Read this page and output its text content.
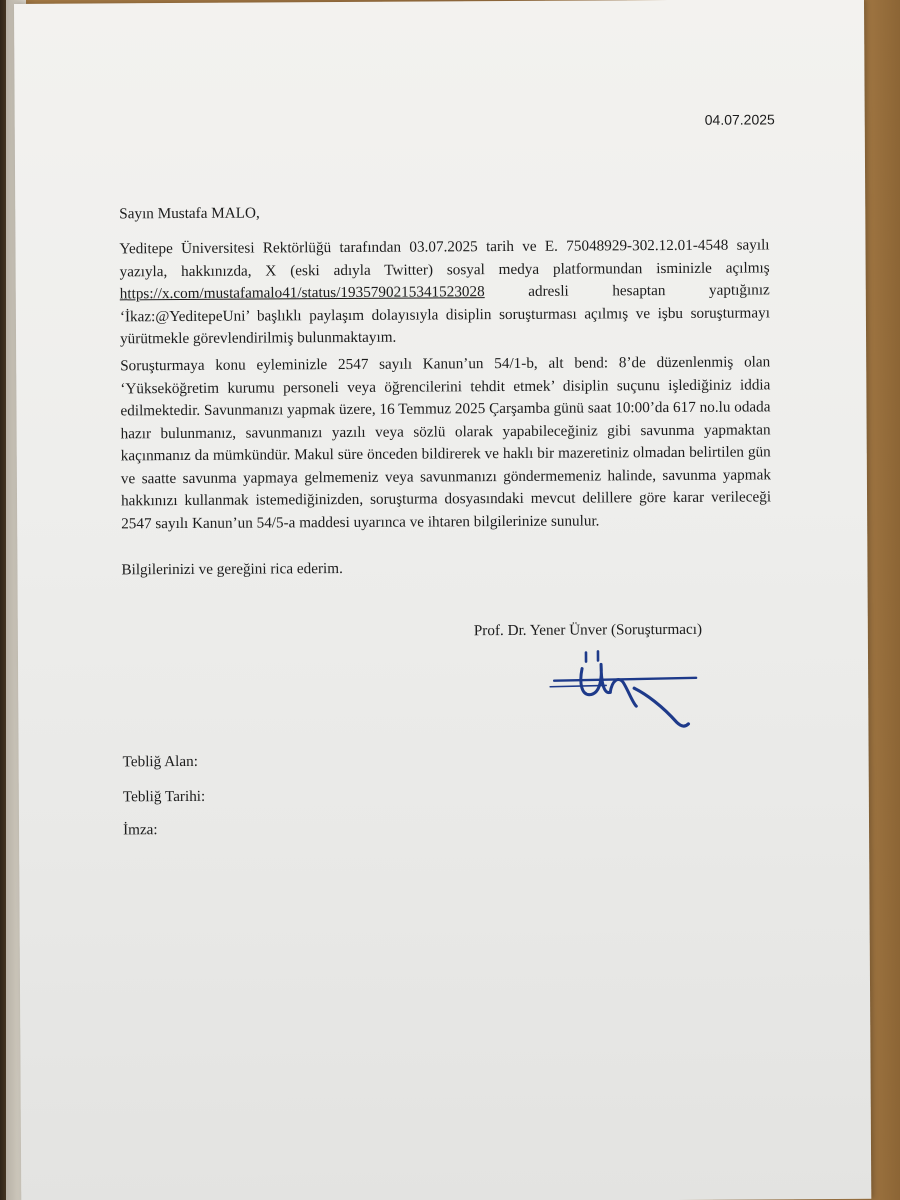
04.07.2025
Sayın Mustafa MALO,
Yeditepe Üniversitesi Rektörlüğü tarafından 03.07.2025 tarih ve E. 75048929-302.12.01-4548 sayılı yazıyla, hakkınızda, X (eski adıyla Twitter) sosyal medya platformundan isminizle açılmış https://x.com/mustafamalo41/status/1935790215341523028 adresli hesaptan yaptığınız ‘İkaz:@YeditepeUni’ başlıklı paylaşım dolayısıyla disiplin soruşturması açılmış ve işbu soruşturmayı yürütmekle görevlendirilmiş bulunmaktayım.
Soruşturmaya konu eyleminizle 2547 sayılı Kanun’un 54/1-b, alt bend: 8’de düzenlenmiş olan ‘Yükseköğretim kurumu personeli veya öğrencilerini tehdit etmek’ disiplin suçunu işlediğiniz iddia edilmektedir. Savunmanızı yapmak üzere, 16 Temmuz 2025 Çarşamba günü saat 10:00’da 617 no.lu odada hazır bulunmanız, savunmanızı yazılı veya sözlü olarak yapabileceğiniz gibi savunma yapmaktan kaçınmanız da mümkündür. Makul süre önceden bildirerek ve haklı bir mazeretiniz olmadan belirtilen gün ve saatte savunma yapmaya gelmemeniz veya savunmanızı göndermemeniz halinde, savunma yapmak hakkınızı kullanmak istemediğinizden, soruşturma dosyasındaki mevcut delillere göre karar verileceği 2547 sayılı Kanun’un 54/5-a maddesi uyarınca ve ihtaren bilgilerinize sunulur.
Bilgilerinizi ve gereğini rica ederim.
Prof. Dr. Yener Ünver (Soruşturmacı)
Tebliğ Alan:
Tebliğ Tarihi:
İmza:
